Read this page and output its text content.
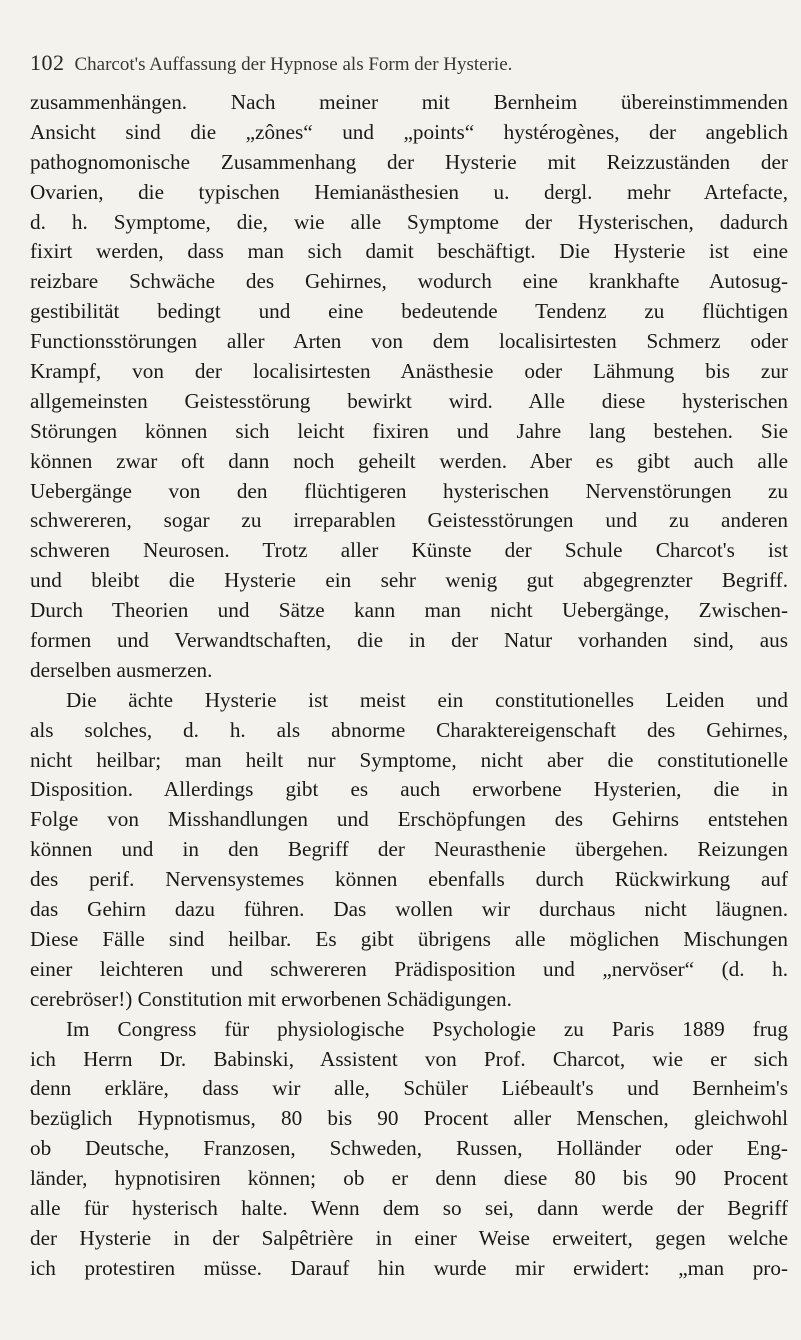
102 Charcot's Auffassung der Hypnose als Form der Hysterie.
zusammenhängen. Nach meiner mit Bernheim übereinstimmenden
Ansicht sind die „zônes“ und „points“ hystérogènes, der angeblich
pathognomonische Zusammenhang der Hysterie mit Reizzuständen der
Ovarien, die typischen Hemianästhesien u. dergl. mehr Artefacte,
d. h. Symptome, die, wie alle Symptome der Hysterischen, dadurch
fixirt werden, dass man sich damit beschäftigt. Die Hysterie ist eine
reizbare Schwäche des Gehirnes, wodurch eine krankhafte Autosug-
gestibilität bedingt und eine bedeutende Tendenz zu flüchtigen
Functionsstörungen aller Arten von dem localisirtesten Schmerz oder
Krampf, von der localisirtesten Anästhesie oder Lähmung bis zur
allgemeinsten Geistesstörung bewirkt wird. Alle diese hysterischen
Störungen können sich leicht fixiren und Jahre lang bestehen. Sie
können zwar oft dann noch geheilt werden. Aber es gibt auch alle
Uebergänge von den flüchtigeren hysterischen Nervenstörungen zu
schwereren, sogar zu irreparablen Geistesstörungen und zu anderen
schweren Neurosen. Trotz aller Künste der Schule Charcot's ist
und bleibt die Hysterie ein sehr wenig gut abgegrenzter Begriff.
Durch Theorien und Sätze kann man nicht Uebergänge, Zwischen-
formen und Verwandtschaften, die in der Natur vorhanden sind, aus
derselben ausmerzen.
Die ächte Hysterie ist meist ein constitutionelles Leiden und
als solches, d. h. als abnorme Charaktereigenschaft des Gehirnes,
nicht heilbar; man heilt nur Symptome, nicht aber die constitutionelle
Disposition. Allerdings gibt es auch erworbene Hysterien, die in
Folge von Misshandlungen und Erschöpfungen des Gehirns entstehen
können und in den Begriff der Neurasthenie übergehen. Reizungen
des perif. Nervensystemes können ebenfalls durch Rückwirkung auf
das Gehirn dazu führen. Das wollen wir durchaus nicht läugnen.
Diese Fälle sind heilbar. Es gibt übrigens alle möglichen Mischungen
einer leichteren und schwereren Prädisposition und „nervöser“ (d. h.
cerebröser!) Constitution mit erworbenen Schädigungen.
Im Congress für physiologische Psychologie zu Paris 1889 frug
ich Herrn Dr. Babinski, Assistent von Prof. Charcot, wie er sich
denn erkläre, dass wir alle, Schüler Liébeault's und Bernheim's
bezüglich Hypnotismus, 80 bis 90 Procent aller Menschen, gleichwohl
ob Deutsche, Franzosen, Schweden, Russen, Holländer oder Eng-
länder, hypnotisiren können; ob er denn diese 80 bis 90 Procent
alle für hysterisch halte. Wenn dem so sei, dann werde der Begriff
der Hysterie in der Salpêtrière in einer Weise erweitert, gegen welche
ich protestiren müsse. Darauf hin wurde mir erwidert: „man pro-
